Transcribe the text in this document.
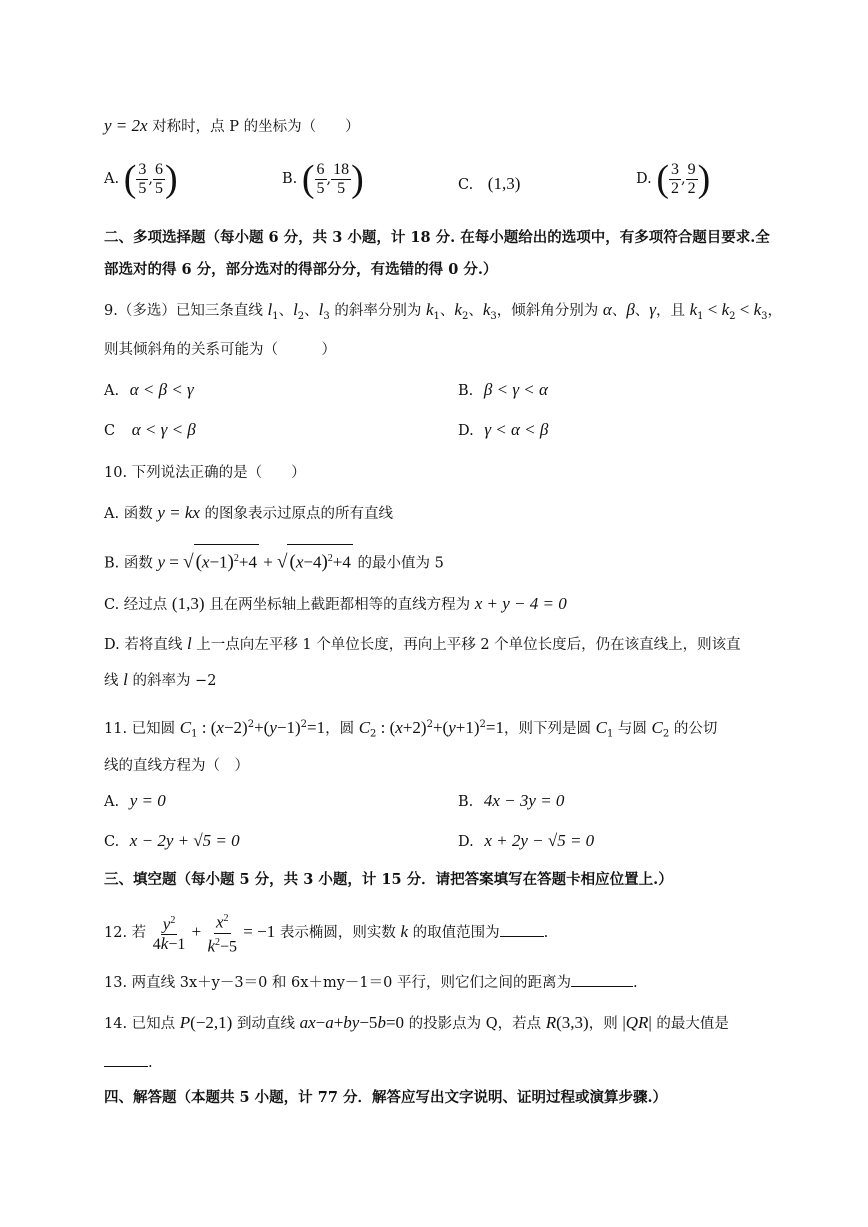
y = 2x 对称时，点 P 的坐标为（　　）
A. ( $\frac{3}{5}$ , $\frac{6}{5}$ )	B. ( $\frac{6}{5}$ , $\frac{18}{5}$ )	C. (1,3)	D. ( $\frac{3}{2}$ , $\frac{9}{2}$ )
二、多项选择题（每小题 6 分，共 3 小题，计 18 分. 在每小题给出的选项中，有多项符合题目要求.全
部选对的得 6 分，部分选对的得部分分，有选错的得 0 分.）
9.（多选）已知三条直线 $l_1$、$l_2$、$l_3$ 的斜率分别为 $k_1$、$k_2$、$k_3$，倾斜角分别为 α、β、γ，且 $k_1 < k_2 < k_3$，
则其倾斜角的关系可能为（　　　）
A. α < β < γ	B. β < γ < α
C α < γ < β	D. γ < α < β
10. 下列说法正确的是（　　）
A. 函数 y = kx 的图象表示过原点的所有直线
B. 函数 y = √ $(x-1)^2+4$ + √ $(x-4)^2+4$ 的最小值为 5
C. 经过点 (1,3) 且在两坐标轴上截距都相等的直线方程为 x + y − 4 = 0
D. 若将直线 l 上一点向左平移 1 个单位长度，再向上平移 2 个单位长度后，仍在该直线上，则该直
线 l 的斜率为 −2
11. 已知圆 $C_1$ : $(x-2)^2+(y-1)^2=1$，圆 $C_2$ : $(x+2)^2+(y+1)^2=1$，则下列是圆 $C_1$ 与圆 $C_2$ 的公切
线的直线方程为（　）
A. y = 0	B. 4x − 3y = 0
C. x − 2y + √5 = 0	D. x + 2y − √5 = 0
三、填空题（每小题 5 分，共 3 小题，计 15 分．请把答案填写在答题卡相应位置上.）
12. 若 $\frac{y^2}{4k-1} + \frac{x^2}{k^2-5} = -1$ 表示椭圆，则实数 k 的取值范围为	.
13. 两直线 3x＋y－3＝0 和 6x＋my－1＝0 平行，则它们之间的距离为	.
14. 已知点 P(−2,1) 到动直线 ax−a+by−5b=0 的投影点为 Q，若点 R(3,3)，则 |QR| 的最大值是
.
四、解答题（本题共 5 小题，计 77 分．解答应写出文字说明、证明过程或演算步骤.）
